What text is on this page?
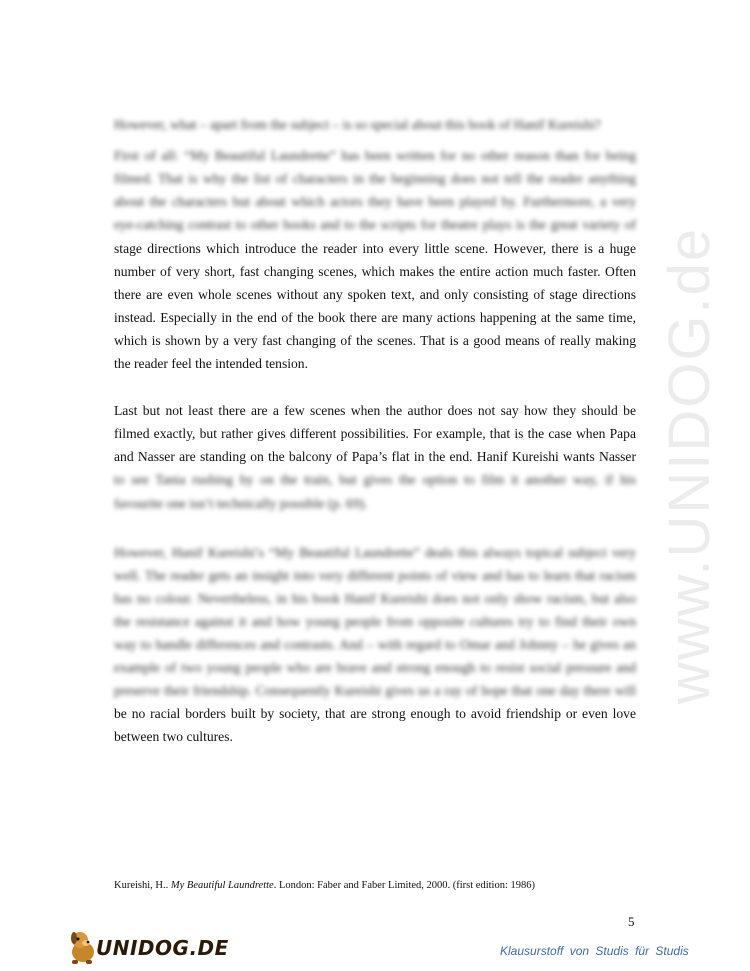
www.UNIDOG.de
However, what – apart from the subject – is so special about this book of Hanif Kureishi?
First of all: “My Beautiful Laundrette” has been written for no other reason than for being
filmed. That is why the list of characters in the beginning does not tell the reader anything
about the characters but about which actors they have been played by. Furthermore, a very
eye-catching contrast to other books and to the scripts for theatre plays is the great variety of
stage directions which introduce the reader into every little scene. However, there is a huge
number of very short, fast changing scenes, which makes the entire action much faster. Often
there are even whole scenes without any spoken text, and only consisting of stage directions
instead. Especially in the end of the book there are many actions happening at the same time,
which is shown by a very fast changing of the scenes. That is a good means of really making
the reader feel the intended tension.
Last but not least there are a few scenes when the author does not say how they should be
filmed exactly, but rather gives different possibilities. For example, that is the case when Papa
and Nasser are standing on the balcony of Papa’s flat in the end. Hanif Kureishi wants Nasser
to see Tania rushing by on the train, but gives the option to film it another way, if his
favourite one isn’t technically possible (p. 69).
However, Hanif Kureishi’s “My Beautiful Laundrette” deals this always topical subject very
well. The reader gets an insight into very different points of view and has to learn that racism
has no colour. Nevertheless, in his book Hanif Kureishi does not only show racism, but also
the resistance against it and how young people from opposite cultures try to find their own
way to handle differences and contrasts. And – with regard to Omar and Johnny – he gives an
example of two young people who are brave and strong enough to resist social pressure and
preserve their friendship. Consequently Kureishi gives us a ray of hope that one day there will
be no racial borders built by society, that are strong enough to avoid friendship or even love
between two cultures.
Kureishi, H.. My Beautiful Laundrette. London: Faber and Faber Limited, 2000. (first edition: 1986)
5
UNIDOG.DE	Klausurstoff von Studis für Studis
